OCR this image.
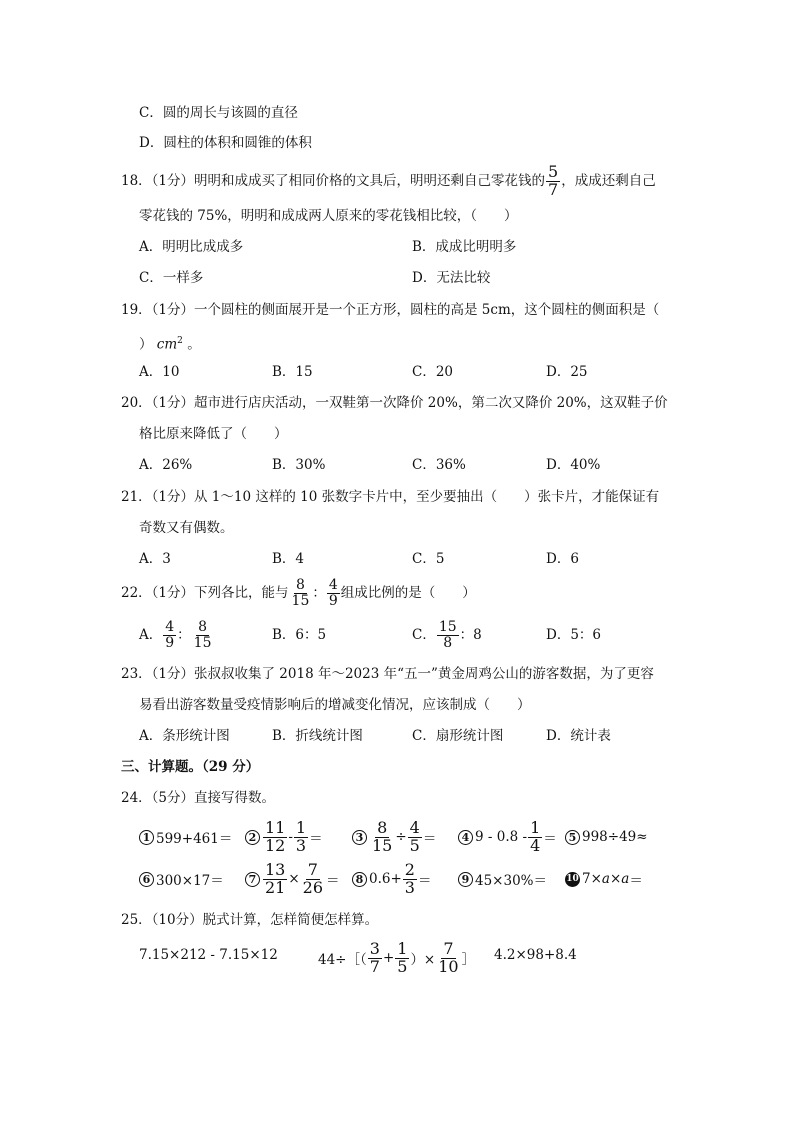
C．圆的周长与该圆的直径
D．圆柱的体积和圆锥的体积
18．（1分）明明和成成买了相同价格的文具后，明明还剩自己零花钱的 $\frac{5}{7}$ ，成成还剩自己
零花钱的 75%，明明和成成两人原来的零花钱相比较，（　　）
A．明明比成成多	B．成成比明明多
C．一样多	D．无法比较
19．（1分）一个圆柱的侧面展开是一个正方形，圆柱的高是 5cm，这个圆柱的侧面积是（
） $cm^2$ 。
A．10	B．15	C．20	D．25
20．（1分）超市进行店庆活动，一双鞋第一次降价 20%，第二次又降价 20%，这双鞋子价
格比原来降低了（　　）
A．26%	B．30%	C．36%	D．40%
21．（1分）从 1～10 这样的 10 张数字卡片中，至少要抽出（　　）张卡片，才能保证有
奇数又有偶数。
A．3	B．4	C．5	D．6
22．（1分）下列各比，能与 $\frac{8}{15}$ ： $\frac{4}{9}$ 组成比例的是（　　）
A． $\frac{4}{9}$ ： $\frac{8}{15}$	B．6：5	C． $\frac{15}{8}$ ：8	D．5：6
23．（1分）张叔叔收集了 2018 年～2023 年“五一”黄金周鸡公山的游客数据，为了更容
易看出游客数量受疫情影响后的增减变化情况，应该制成（　　）
A．条形统计图	B．折线统计图	C．扇形统计图	D．统计表
三、计算题。（29 分）
24．（5分）直接写得数。
1 599+461＝	$2 \frac{11}{12} - \frac{1}{3}$ ＝	$3 \frac{8}{15} \div \frac{4}{5}$ ＝	4 $9 - 0.8 - \frac{1}{4}$ ＝	5 998÷49≈
6 300×17＝	$7 \frac{13}{21} \times \frac{7}{26}$ ＝	8 $0.6+ \frac{2}{3}$ ＝	9 45×30%＝ 10 7× a × a ＝
25．（10分）脱式计算，怎样简便怎样算。
7.15×212 - 7.15×12	44÷［（ $\frac{3}{7} + \frac{1}{5}$ ）× $\frac{7}{10}$ ］ 4.2×98+8.4
